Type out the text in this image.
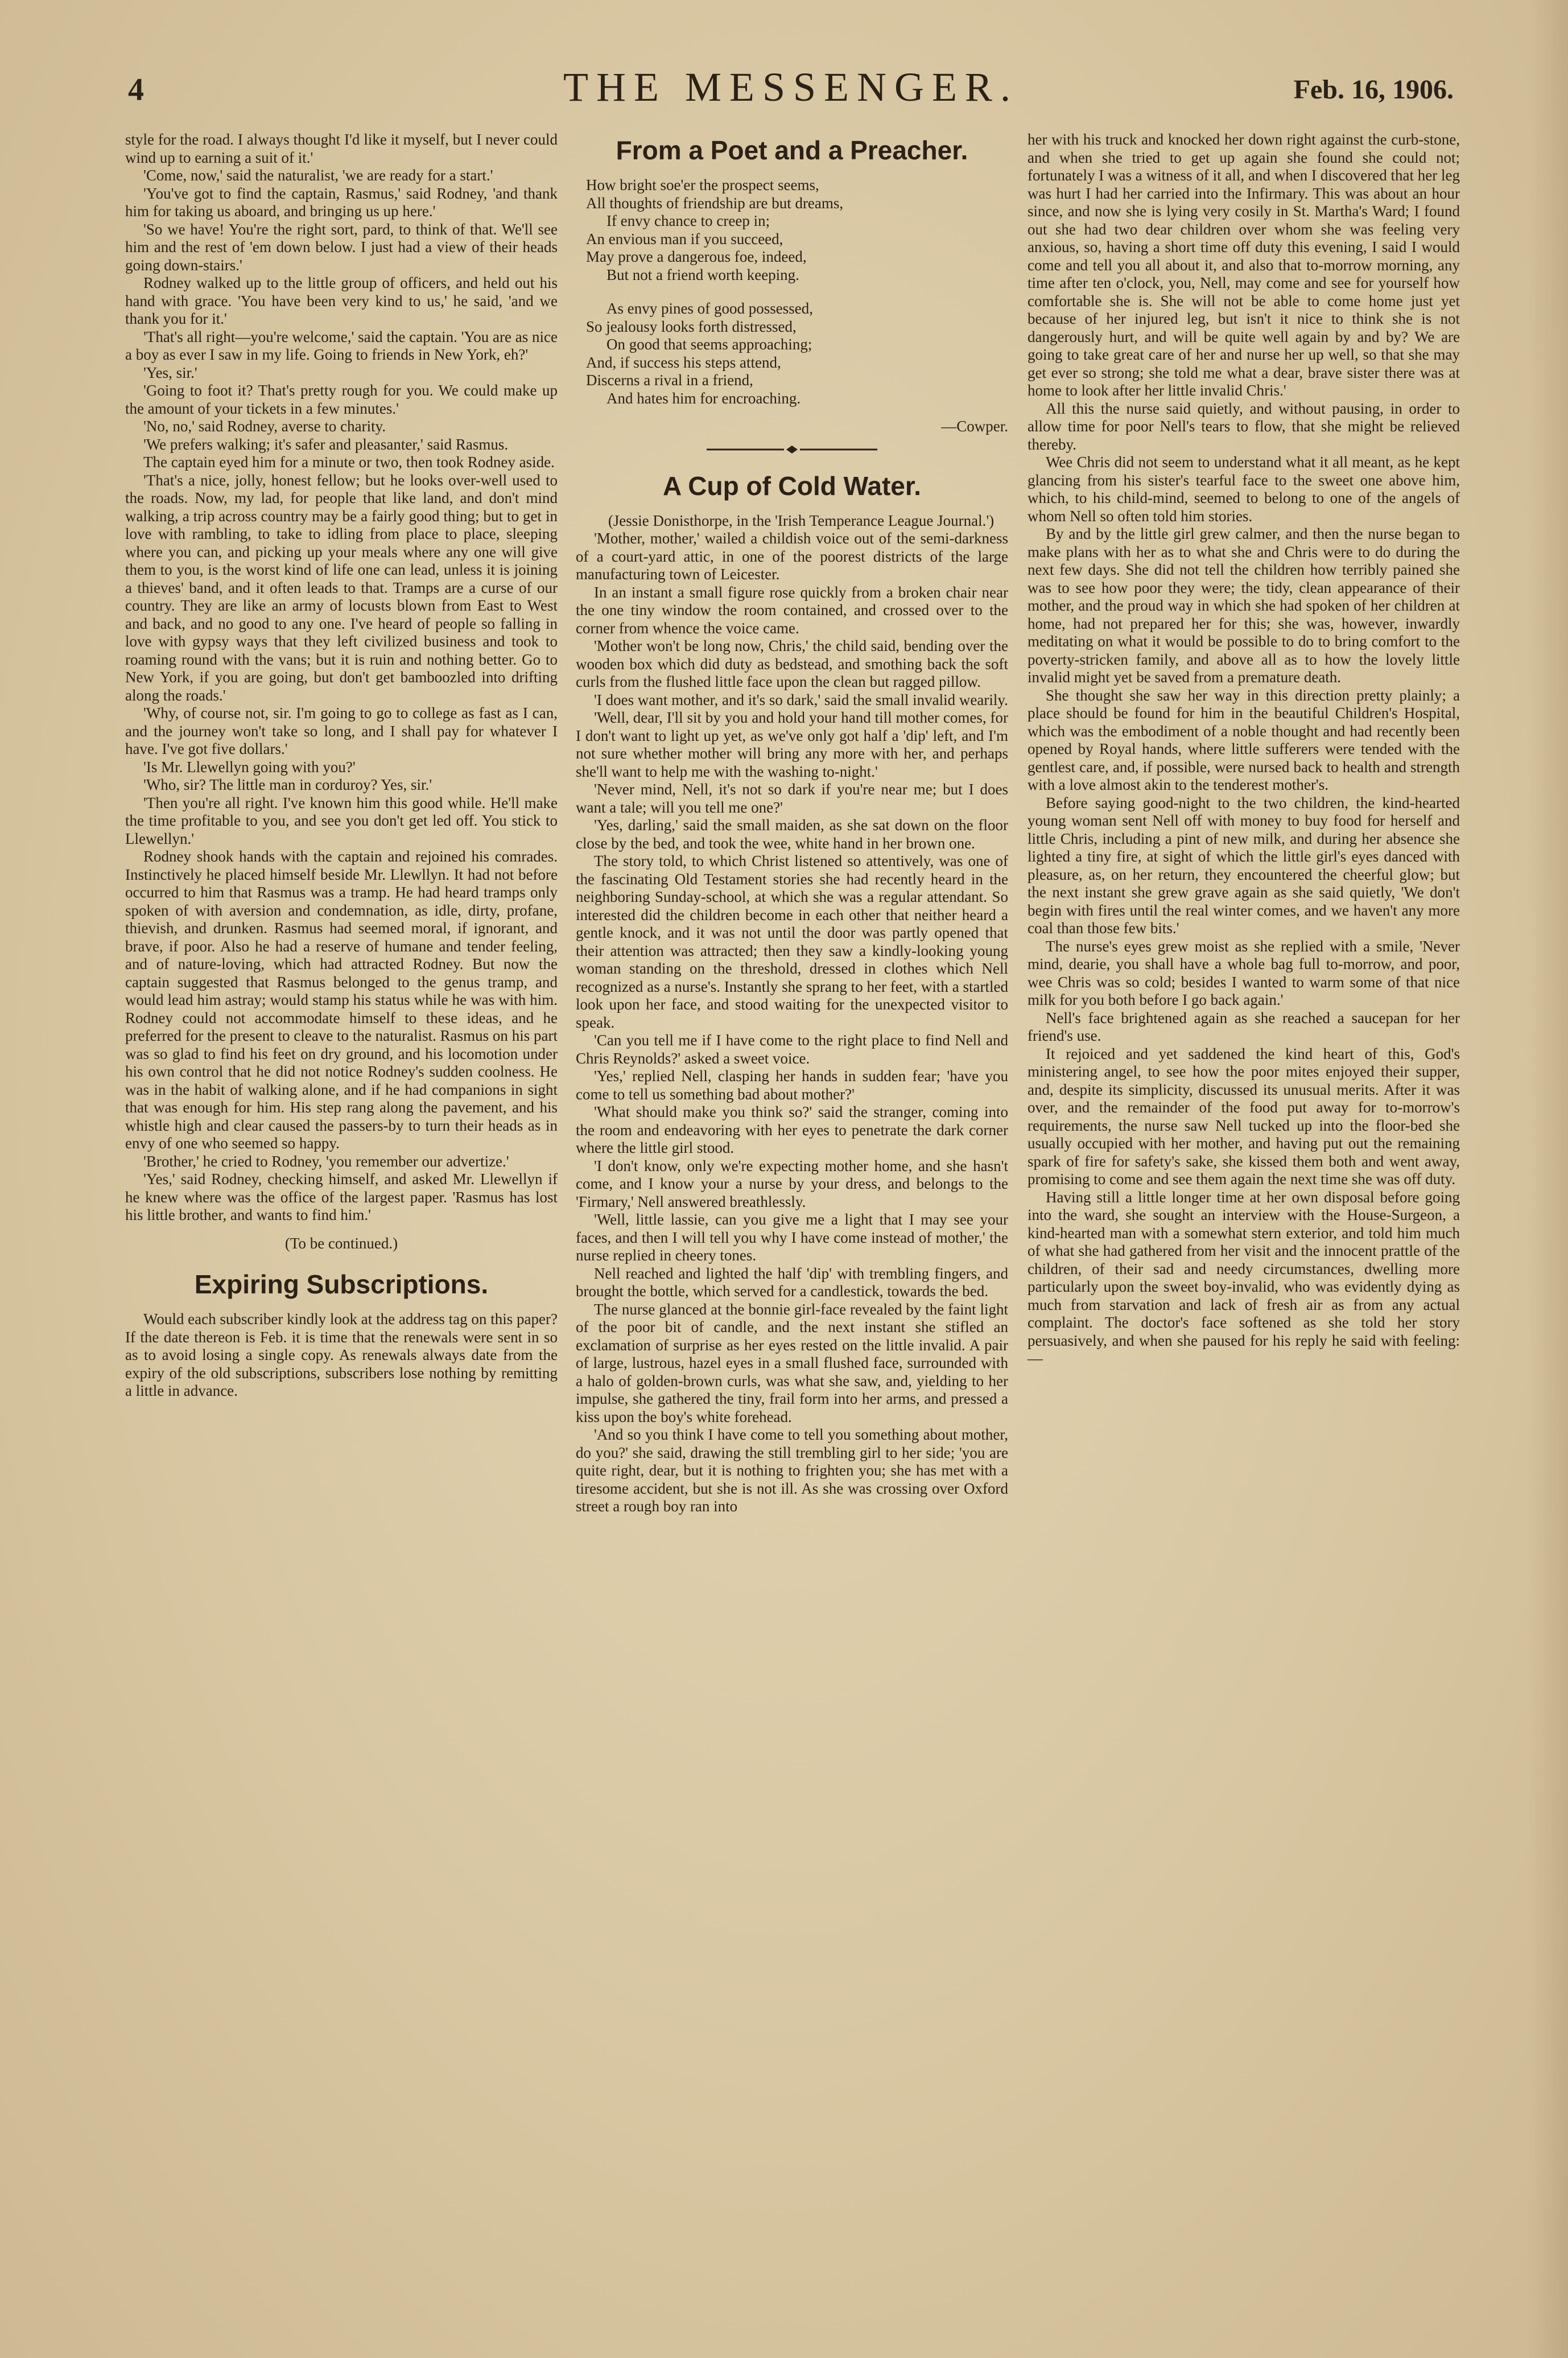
4	THE MESSENGER.	Feb. 16, 1906.

style for the road. I always thought I'd like it myself, but I never could wind up to earning a suit of it.'

'Come, now,' said the naturalist, 'we are ready for a start.'

'You've got to find the captain, Rasmus,' said Rodney, 'and thank him for taking us aboard, and bringing us up here.'

'So we have! You're the right sort, pard, to think of that. We'll see him and the rest of 'em down below. I just had a view of their heads going down-stairs.'

Rodney walked up to the little group of officers, and held out his hand with grace. 'You have been very kind to us,' he said, 'and we thank you for it.'

'That's all right—you're welcome,' said the captain. 'You are as nice a boy as ever I saw in my life. Going to friends in New York, eh?'

'Yes, sir.'

'Going to foot it? That's pretty rough for you. We could make up the amount of your tickets in a few minutes.'

'No, no,' said Rodney, averse to charity.

'We prefers walking; it's safer and pleasanter,' said Rasmus.

The captain eyed him for a minute or two, then took Rodney aside.

'That's a nice, jolly, honest fellow; but he looks over-well used to the roads. Now, my lad, for people that like land, and don't mind walking, a trip across country may be a fairly good thing; but to get in love with rambling, to take to idling from place to place, sleeping where you can, and picking up your meals where any one will give them to you, is the worst kind of life one can lead, unless it is joining a thieves' band, and it often leads to that. Tramps are a curse of our country. They are like an army of locusts blown from East to West and back, and no good to any one. I've heard of people so falling in love with gypsy ways that they left civilized business and took to roaming round with the vans; but it is ruin and nothing better. Go to New York, if you are going, but don't get bamboozled into drifting along the roads.'

'Why, of course not, sir. I'm going to go to college as fast as I can, and the journey won't take so long, and I shall pay for whatever I have. I've got five dollars.'

'Is Mr. Llewellyn going with you?'

'Who, sir? The little man in corduroy? Yes, sir.'

'Then you're all right. I've known him this good while. He'll make the time profitable to you, and see you don't get led off. You stick to Llewellyn.'

Rodney shook hands with the captain and rejoined his comrades. Instinctively he placed himself beside Mr. Llewllyn. It had not before occurred to him that Rasmus was a tramp. He had heard tramps only spoken of with aversion and condemnation, as idle, dirty, profane, thievish, and drunken. Rasmus had seemed moral, if ignorant, and brave, if poor. Also he had a reserve of humane and tender feeling, and of nature-loving, which had attracted Rodney. But now the captain suggested that Rasmus belonged to the genus tramp, and would lead him astray; would stamp his status while he was with him. Rodney could not accommodate himself to these ideas, and he preferred for the present to cleave to the naturalist. Rasmus on his part was so glad to find his feet on dry ground, and his locomotion under his own control that he did not notice Rodney's sudden coolness. He was in the habit of walking alone, and if he had companions in sight that was enough for him. His step rang along the pavement, and his whistle high and clear caused the passers-by to turn their heads as in envy of one who seemed so happy.

'Brother,' he cried to Rodney, 'you remember our advertize.'

'Yes,' said Rodney, checking himself, and asked Mr. Llewellyn if he knew where was the office of the largest paper. 'Rasmus has lost his little brother, and wants to find him.'

(To be continued.)

Expiring Subscriptions.

Would each subscriber kindly look at the address tag on this paper? If the date thereon is Feb. it is time that the renewals were sent in so as to avoid losing a single copy. As renewals always date from the expiry of the old subscriptions, subscribers lose nothing by remitting a little in advance.

From a Poet and a Preacher.
How bright soe'er the prospect seems,
All thoughts of friendship are but dreams,
If envy chance to creep in;
An envious man if you succeed,
May prove a dangerous foe, indeed,
But not a friend worth keeping.
As envy pines of good possessed,
So jealousy looks forth distressed,
On good that seems approaching;
And, if success his steps attend,
Discerns a rival in a friend,
And hates him for encroaching.
—Cowper.
A Cup of Cold Water.

(Jessie Donisthorpe, in the 'Irish Temperance League Journal.')

'Mother, mother,' wailed a childish voice out of the semi-darkness of a court-yard attic, in one of the poorest districts of the large manufacturing town of Leicester.

In an instant a small figure rose quickly from a broken chair near the one tiny window the room contained, and crossed over to the corner from whence the voice came.

'Mother won't be long now, Chris,' the child said, bending over the wooden box which did duty as bedstead, and smothing back the soft curls from the flushed little face upon the clean but ragged pillow.

'I does want mother, and it's so dark,' said the small invalid wearily.

'Well, dear, I'll sit by you and hold your hand till mother comes, for I don't want to light up yet, as we've only got half a 'dip' left, and I'm not sure whether mother will bring any more with her, and perhaps she'll want to help me with the washing to-night.'

'Never mind, Nell, it's not so dark if you're near me; but I does want a tale; will you tell me one?'

'Yes, darling,' said the small maiden, as she sat down on the floor close by the bed, and took the wee, white hand in her brown one.

The story told, to which Christ listened so attentively, was one of the fascinating Old Testament stories she had recently heard in the neighboring Sunday-school, at which she was a regular attendant. So interested did the children become in each other that neither heard a gentle knock, and it was not until the door was partly opened that their attention was attracted; then they saw a kindly-looking young woman standing on the threshold, dressed in clothes which Nell recognized as a nurse's. Instantly she sprang to her feet, with a startled look upon her face, and stood waiting for the unexpected visitor to speak.

'Can you tell me if I have come to the right place to find Nell and Chris Reynolds?' asked a sweet voice.

'Yes,' replied Nell, clasping her hands in sudden fear; 'have you come to tell us something bad about mother?'

'What should make you think so?' said the stranger, coming into the room and endeavoring with her eyes to penetrate the dark corner where the little girl stood.

'I don't know, only we're expecting mother home, and she hasn't come, and I know your a nurse by your dress, and belongs to the 'Firmary,' Nell answered breathlessly.

'Well, little lassie, can you give me a light that I may see your faces, and then I will tell you why I have come instead of mother,' the nurse replied in cheery tones.

Nell reached and lighted the half 'dip' with trembling fingers, and brought the bottle, which served for a candlestick, towards the bed.

The nurse glanced at the bonnie girl-face revealed by the faint light of the poor bit of candle, and the next instant she stifled an exclamation of surprise as her eyes rested on the little invalid. A pair of large, lustrous, hazel eyes in a small flushed face, surrounded with a halo of golden-brown curls, was what she saw, and, yielding to her impulse, she gathered the tiny, frail form into her arms, and pressed a kiss upon the boy's white forehead.

'And so you think I have come to tell you something about mother, do you?' she said, drawing the still trembling girl to her side; 'you are quite right, dear, but it is nothing to frighten you; she has met with a tiresome accident, but she is not ill. As she was crossing over Oxford street a rough boy ran into

her with his truck and knocked her down right against the curb-stone, and when she tried to get up again she found she could not; fortunately I was a witness of it all, and when I discovered that her leg was hurt I had her carried into the Infirmary. This was about an hour since, and now she is lying very cosily in St. Martha's Ward; I found out she had two dear children over whom she was feeling very anxious, so, having a short time off duty this evening, I said I would come and tell you all about it, and also that to-morrow morning, any time after ten o'clock, you, Nell, may come and see for yourself how comfortable she is. She will not be able to come home just yet because of her injured leg, but isn't it nice to think she is not dangerously hurt, and will be quite well again by and by? We are going to take great care of her and nurse her up well, so that she may get ever so strong; she told me what a dear, brave sister there was at home to look after her little invalid Chris.'

All this the nurse said quietly, and without pausing, in order to allow time for poor Nell's tears to flow, that she might be relieved thereby.

Wee Chris did not seem to understand what it all meant, as he kept glancing from his sister's tearful face to the sweet one above him, which, to his child-mind, seemed to belong to one of the angels of whom Nell so often told him stories.

By and by the little girl grew calmer, and then the nurse began to make plans with her as to what she and Chris were to do during the next few days. She did not tell the children how terribly pained she was to see how poor they were; the tidy, clean appearance of their mother, and the proud way in which she had spoken of her children at home, had not prepared her for this; she was, however, inwardly meditating on what it would be possible to do to bring comfort to the poverty-stricken family, and above all as to how the lovely little invalid might yet be saved from a premature death.

She thought she saw her way in this direction pretty plainly; a place should be found for him in the beautiful Children's Hospital, which was the embodiment of a noble thought and had recently been opened by Royal hands, where little sufferers were tended with the gentlest care, and, if possible, were nursed back to health and strength with a love almost akin to the tenderest mother's.

Before saying good-night to the two children, the kind-hearted young woman sent Nell off with money to buy food for herself and little Chris, including a pint of new milk, and during her absence she lighted a tiny fire, at sight of which the little girl's eyes danced with pleasure, as, on her return, they encountered the cheerful glow; but the next instant she grew grave again as she said quietly, 'We don't begin with fires until the real winter comes, and we haven't any more coal than those few bits.'

The nurse's eyes grew moist as she replied with a smile, 'Never mind, dearie, you shall have a whole bag full to-morrow, and poor, wee Chris was so cold; besides I wanted to warm some of that nice milk for you both before I go back again.'

Nell's face brightened again as she reached a saucepan for her friend's use.

It rejoiced and yet saddened the kind heart of this, God's ministering angel, to see how the poor mites enjoyed their supper, and, despite its simplicity, discussed its unusual merits. After it was over, and the remainder of the food put away for to-morrow's requirements, the nurse saw Nell tucked up into the floor-bed she usually occupied with her mother, and having put out the remaining spark of fire for safety's sake, she kissed them both and went away, promising to come and see them again the next time she was off duty.

Having still a little longer time at her own disposal before going into the ward, she sought an interview with the House-Surgeon, a kind-hearted man with a somewhat stern exterior, and told him much of what she had gathered from her visit and the innocent prattle of the children, of their sad and needy circumstances, dwelling more particularly upon the sweet boy-invalid, who was evidently dying as much from starvation and lack of fresh air as from any actual complaint. The doctor's face softened as she told her story persuasively, and when she paused for his reply he said with feeling:—
